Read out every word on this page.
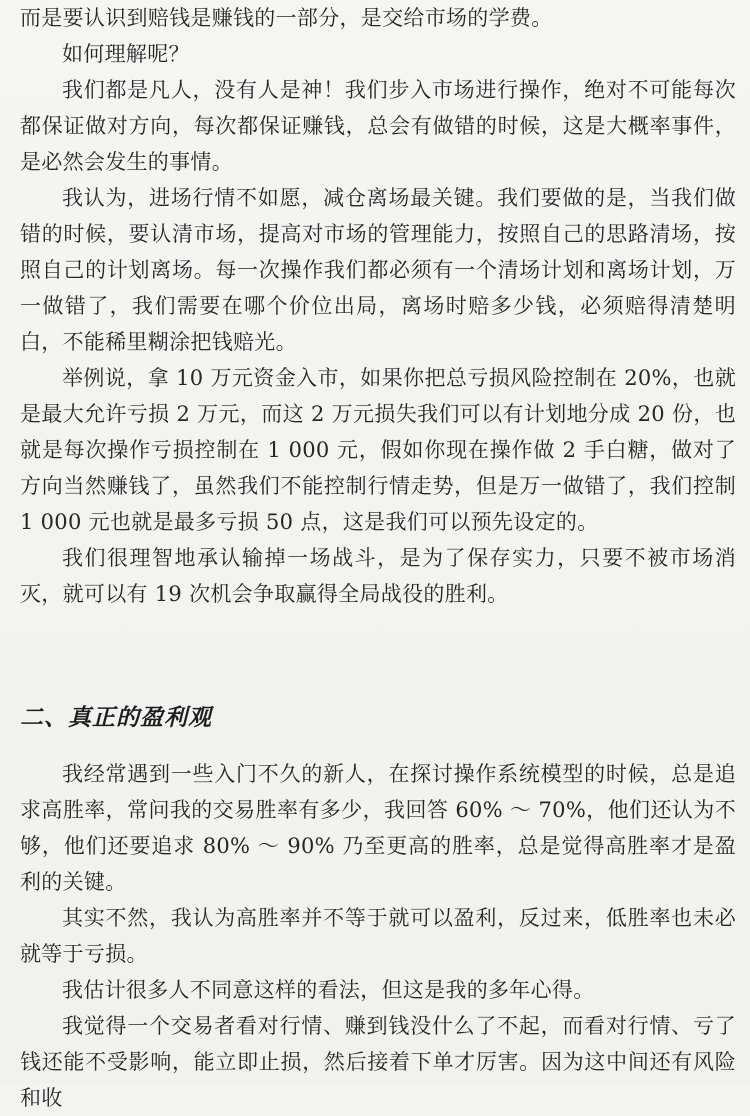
而是要认识到赔钱是赚钱的一部分，是交给市场的学费。

如何理解呢？

我们都是凡人，没有人是神！我们步入市场进行操作，绝对不可能每次都保证做对方向，每次都保证赚钱，总会有做错的时候，这是大概率事件，是必然会发生的事情。

我认为，进场行情不如愿，减仓离场最关键。我们要做的是，当我们做错的时候，要认清市场，提高对市场的管理能力，按照自己的思路清场，按照自己的计划离场。每一次操作我们都必须有一个清场计划和离场计划，万一做错了，我们需要在哪个价位出局，离场时赔多少钱，必须赔得清楚明白，不能稀里糊涂把钱赔光。

举例说，拿 10 万元资金入市，如果你把总亏损风险控制在 20%，也就是最大允许亏损 2 万元，而这 2 万元损失我们可以有计划地分成 20 份，也就是每次操作亏损控制在 1 000 元，假如你现在操作做 2 手白糖，做对了方向当然赚钱了，虽然我们不能控制行情走势，但是万一做错了，我们控制 1 000 元也就是最多亏损 50 点，这是我们可以预先设定的。

我们很理智地承认输掉一场战斗，是为了保存实力，只要不被市场消灭，就可以有 19 次机会争取赢得全局战役的胜利。

二、真正的盈利观

我经常遇到一些入门不久的新人，在探讨操作系统模型的时候，总是追求高胜率，常问我的交易胜率有多少，我回答 60% ～ 70%，他们还认为不够，他们还要追求 80% ～ 90% 乃至更高的胜率，总是觉得高胜率才是盈利的关键。

其实不然，我认为高胜率并不等于就可以盈利，反过来，低胜率也未必就等于亏损。

我估计很多人不同意这样的看法，但这是我的多年心得。

我觉得一个交易者看对行情、赚到钱没什么了不起，而看对行情、亏了钱还能不受影响，能立即止损，然后接着下单才厉害。因为这中间还有风险和收
